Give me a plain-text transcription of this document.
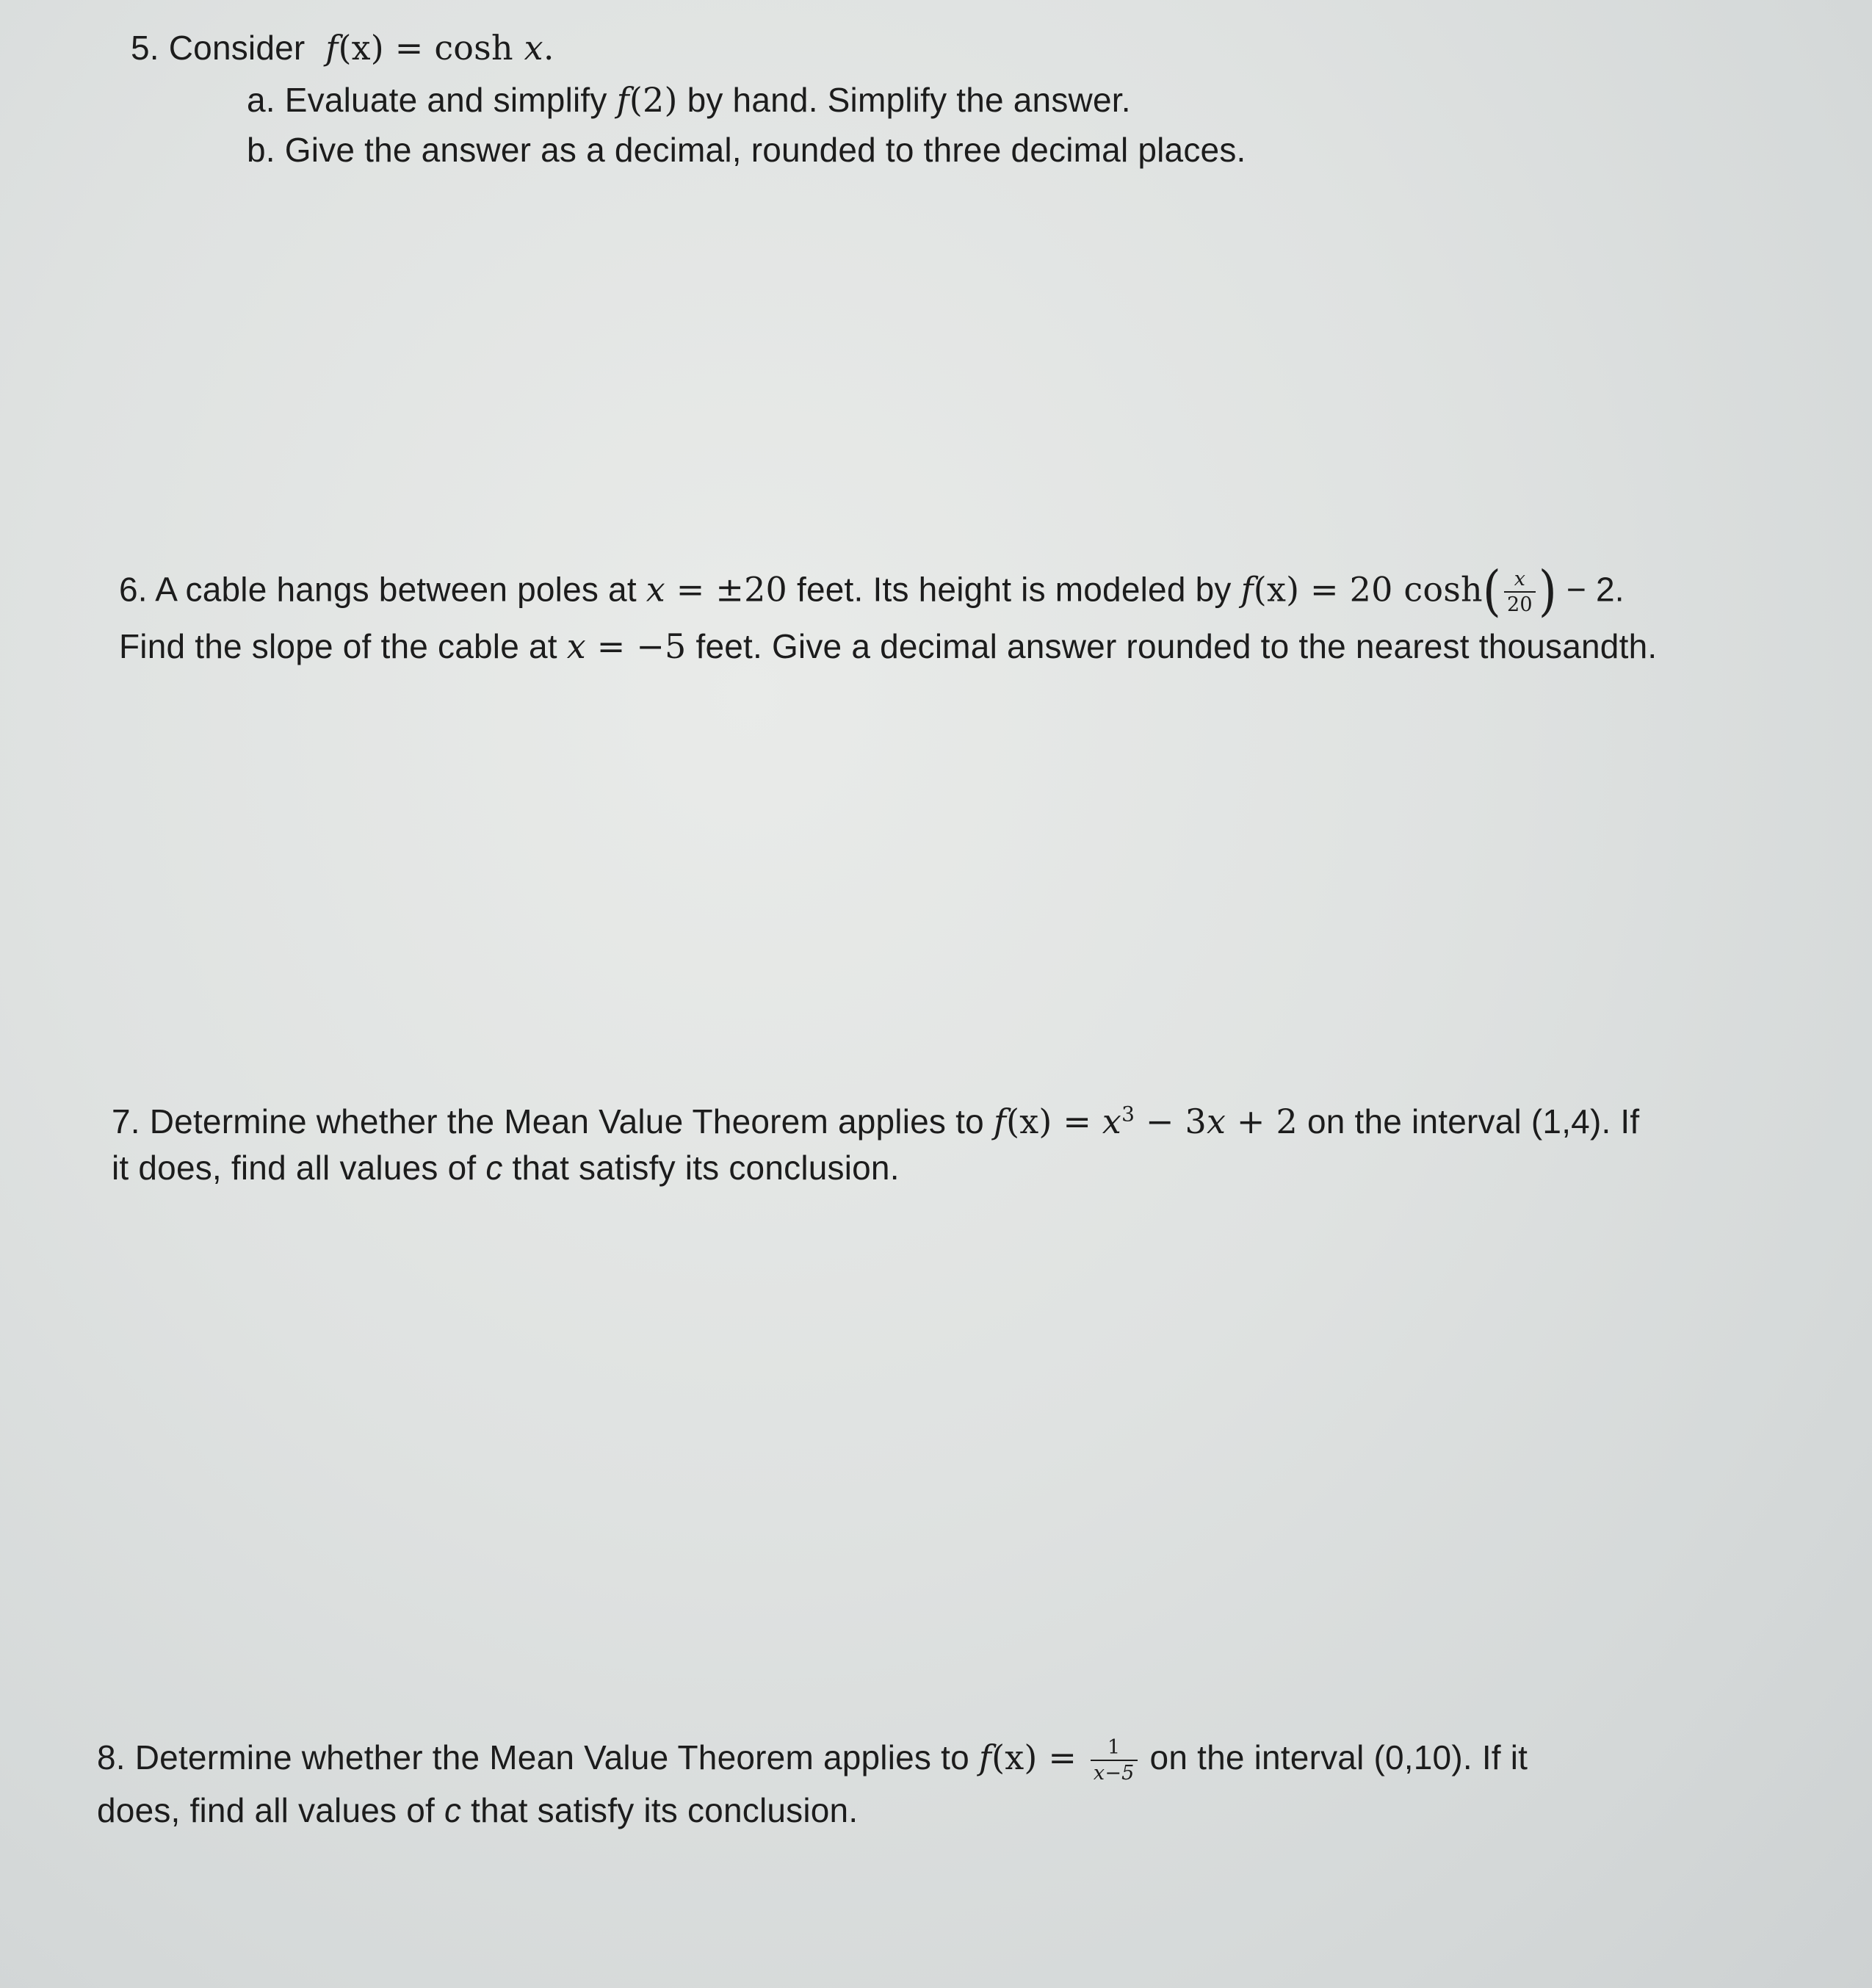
5. Consider f(x) = cosh x.
a. Evaluate and simplify f(2) by hand. Simplify the answer.
b. Give the answer as a decimal, rounded to three decimal places.
6. A cable hangs between poles at x = ±20 feet. Its height is modeled by f(x) = 20 $\cosh( \frac{x}{20}$ ) − 2.
Find the slope of the cable at x = −5 feet. Give a decimal answer rounded to the nearest thousandth.
7. Determine whether the Mean Value Theorem applies to $f(x) = x^3 - 3x + 2$ on the interval (1,4). If
it does, find all values of c that satisfy its conclusion.
8. Determine whether the Mean Value Theorem applies to $f(x) = \frac{1}{x-5}$ on the interval (0,10). If it
does, find all values of c that satisfy its conclusion.
